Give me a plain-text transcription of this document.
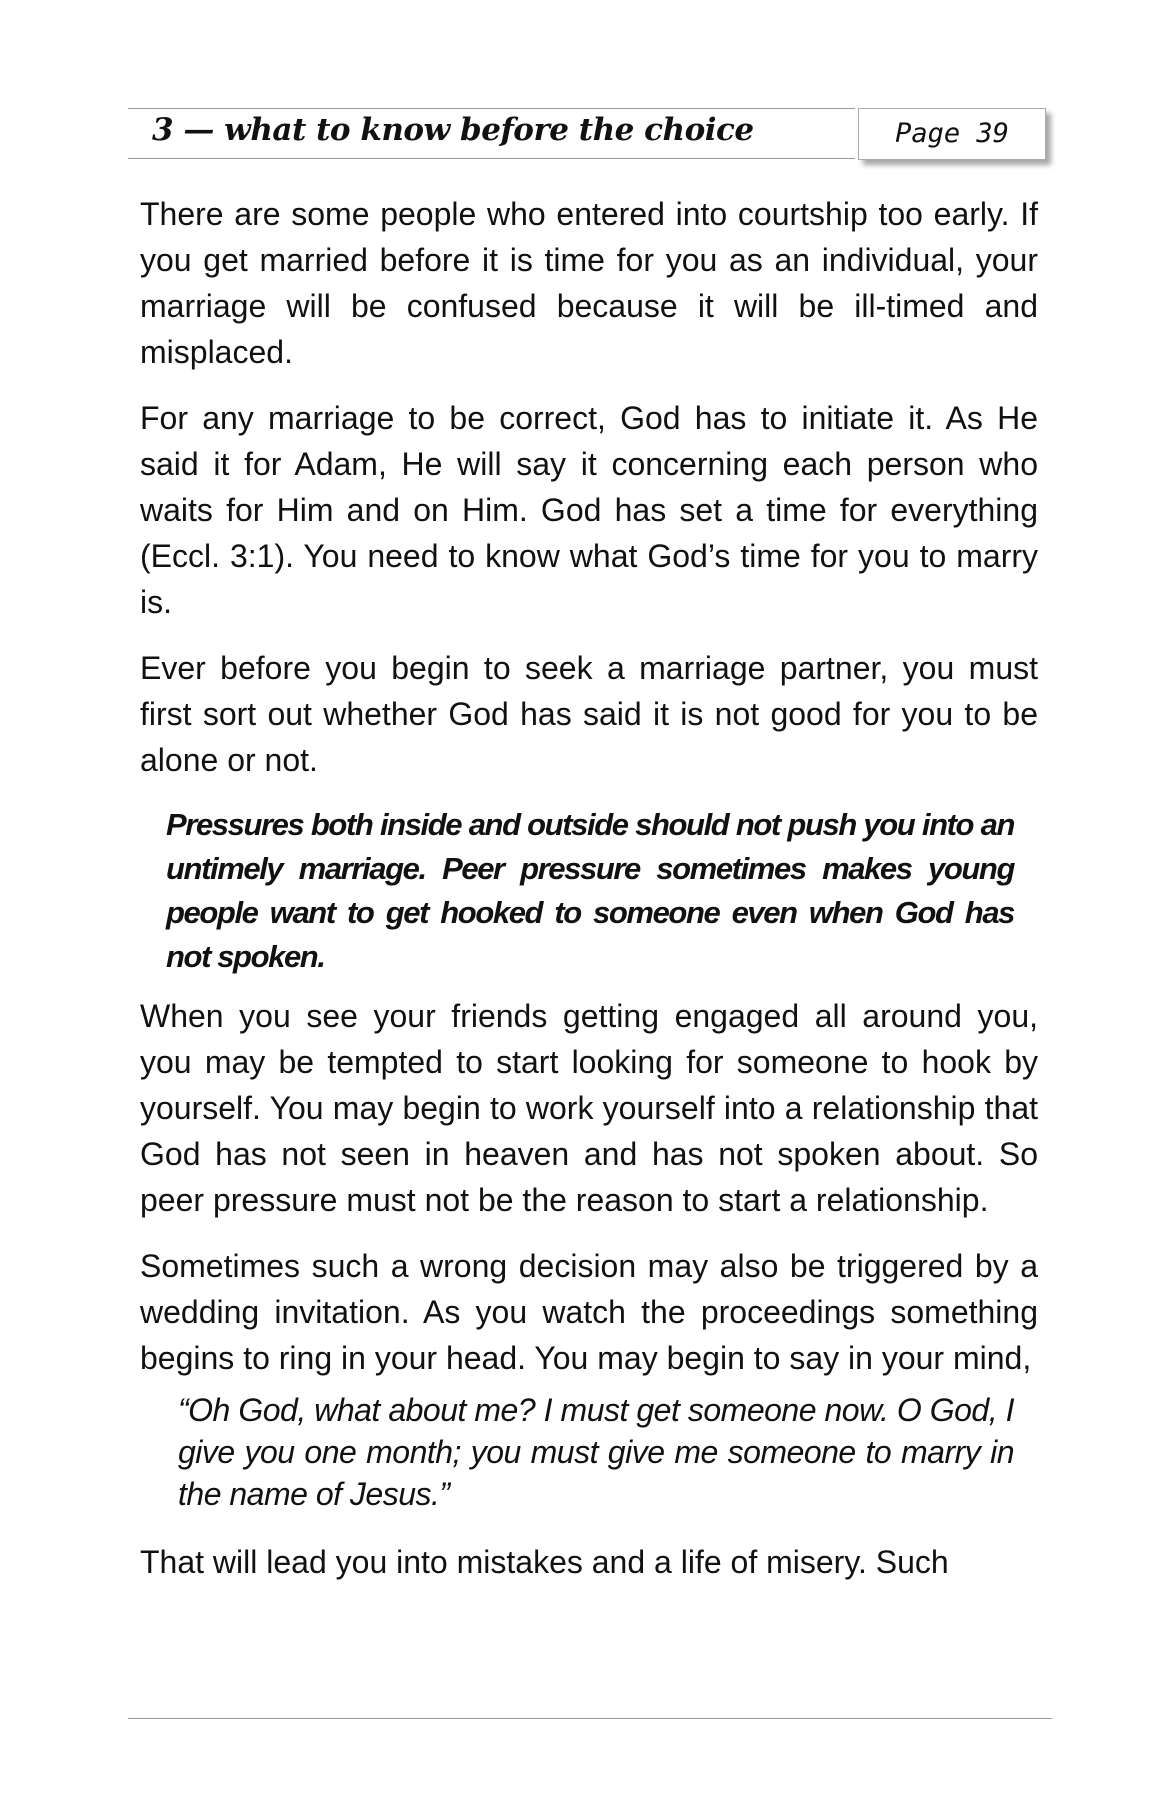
3 — what to know before the choice	Page 39

There are some people who entered into courtship too early. If you get married before it is time for you as an individual, your marriage will be confused because it will be ill-timed and misplaced.

For any marriage to be correct, God has to initiate it. As He said it for Adam, He will say it concerning each person who waits for Him and on Him. God has set a time for everything (Eccl. 3:1). You need to know what God’s time for you to marry is.

Ever before you begin to seek a marriage partner, you must first sort out whether God has said it is not good for you to be alone or not.

Pressures both inside and outside should not push you into an untimely marriage. Peer pressure sometimes makes young people want to get hooked to someone even when God has not spoken.

When you see your friends getting engaged all around you, you may be tempted to start looking for someone to hook by yourself. You may begin to work yourself into a relationship that God has not seen in heaven and has not spoken about. So peer pressure must not be the reason to start a relationship.

Sometimes such a wrong decision may also be triggered by a wedding invitation. As you watch the proceedings something begins to ring in your head. You may begin to say in your mind,

“Oh God, what about me? I must get someone now. O God, I give you one month; you must give me someone to marry in the name of Jesus.”

That will lead you into mistakes and a life of misery. Such
